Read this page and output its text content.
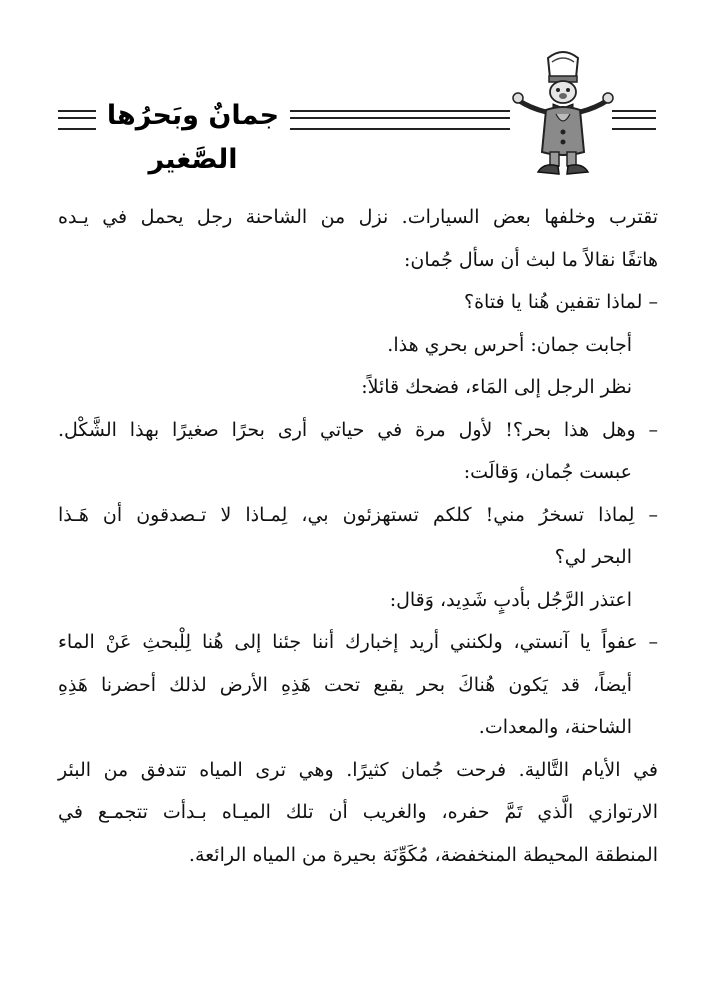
جمانٌ وبَحرُها الصَّغير
تقترب وخلفها بعض السيارات. نزل من الشاحنة رجل يحمل في يـده
هاتفًا نقالاً ما لبث أن سأل جُمان:
– لماذا تقفين هُنا يا فتاة؟
أجابت جمان: أحرس بحري هذا.
نظر الرجل إلى المَاء، فضحك قائلاً:
– وهل هذا بحر؟! لأول مرة في حياتي أرى بحرًا صغيرًا بهذا الشَّكْل.
عبست جُمان، وَقالَت:
– لِماذا تسخرُ مني! كلكم تستهزئون بي، لِمـاذا لا تـصدقون أن هَـذا
البحر لي؟
اعتذر الرَّجُل بأدبٍ شَدِيد، وَقال:
– عفواً يا آنستي، ولكنني أريد إخبارك أننا جئنا إلى هُنا لِلْبحثِ عَنْ الماء
أيضاً، قد يَكون هُناكَ بحر يقبع تحت هَذِهِ الأرض لذلك أحضرنا هَذِهِ
الشاحنة، والمعدات.
في الأيام التَّالية. فرحت جُمان كثيرًا. وهي ترى المياه تتدفق من البئر
الارتوازي الَّذي تَمَّ حفره، والغريب أن تلك الميـاه بـدأت تتجمـع في
المنطقة المحيطة المنخفضة، مُكَوِّنَة بحيرة من المياه الرائعة.
